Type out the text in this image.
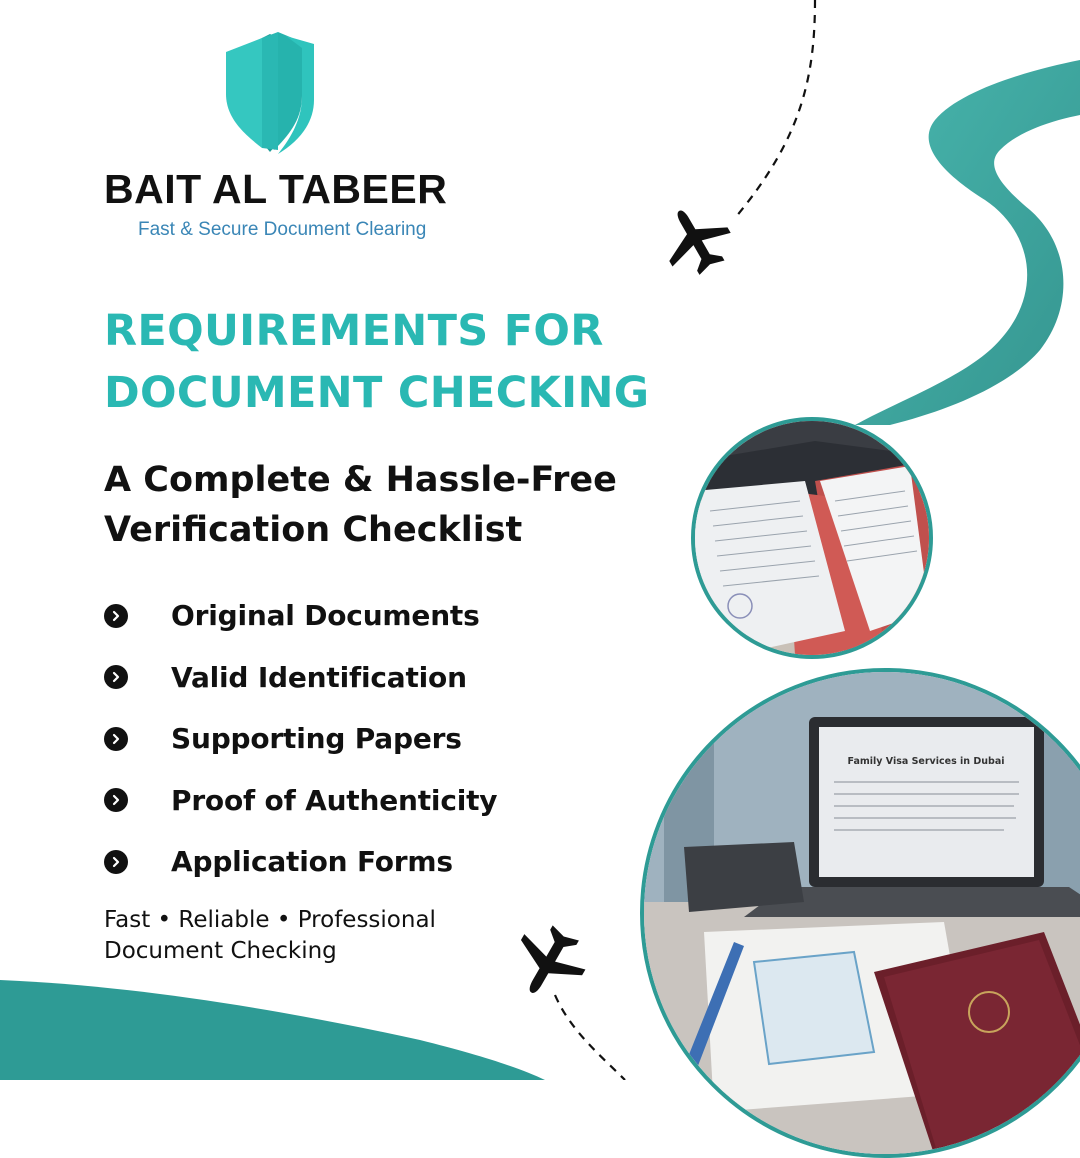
BAIT AL TABEER
Fast & Secure Document Clearing
REQUIREMENTS FOR
DOCUMENT CHECKING
A Complete & Hassle-Free
Verification Checklist
Original Documents
Valid Identification
Supporting Papers
Proof of Authenticity
Application Forms
Fast • Reliable • Professional
Document Checking
Family Visa Services in Dubai
